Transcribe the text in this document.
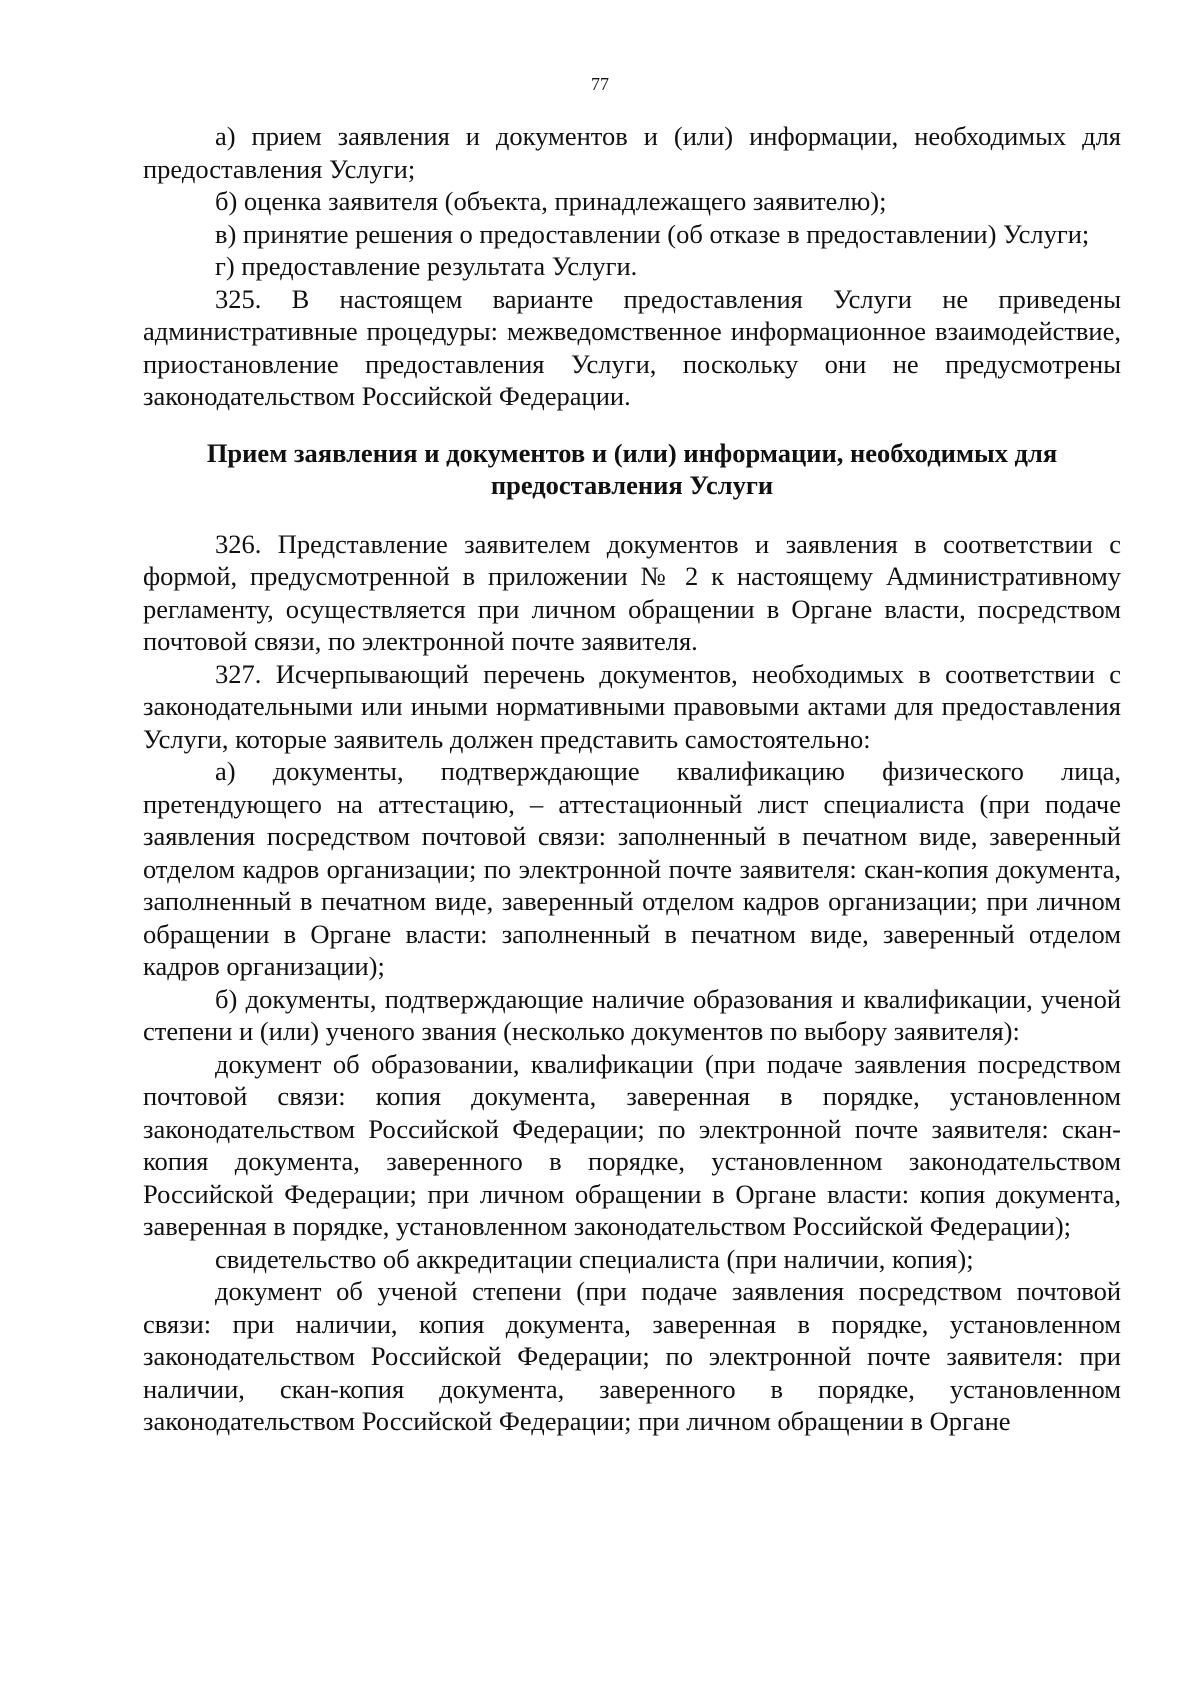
77

а) прием заявления и документов и (или) информации, необходимых для предоставления Услуги;

б) оценка заявителя (объекта, принадлежащего заявителю);

в) принятие решения о предоставлении (об отказе в предоставлении) Услуги;

г) предоставление результата Услуги.

325. В настоящем варианте предоставления Услуги не приведены административные процедуры: межведомственное информационное взаимодействие, приостановление предоставления Услуги, поскольку они не предусмотрены законодательством Российской Федерации.

Прием заявления и документов и (или) информации, необходимых для
предоставления Услуги

326. Представление заявителем документов и заявления в соответствии с формой, предусмотренной в приложении № 2 к настоящему Административному регламенту, осуществляется при личном обращении в Органе власти, посредством почтовой связи, по электронной почте заявителя.

327. Исчерпывающий перечень документов, необходимых в соответствии с законодательными или иными нормативными правовыми актами для предоставления Услуги, которые заявитель должен представить самостоятельно:

а) документы, подтверждающие квалификацию физического лица, претендующего на аттестацию, – аттестационный лист специалиста (при подаче заявления посредством почтовой связи: заполненный в печатном виде, заверенный отделом кадров организации; по электронной почте заявителя: скан-копия документа, заполненный в печатном виде, заверенный отделом кадров организации; при личном обращении в Органе власти: заполненный в печатном виде, заверенный отделом кадров организации);

б) документы, подтверждающие наличие образования и квалификации, ученой степени и (или) ученого звания (несколько документов по выбору заявителя):

документ об образовании, квалификации (при подаче заявления посредством почтовой связи: копия документа, заверенная в порядке, установленном законодательством Российской Федерации; по электронной почте заявителя: скан-копия документа, заверенного в порядке, установленном законодательством Российской Федерации; при личном обращении в Органе власти: копия документа, заверенная в порядке, установленном законодательством Российской Федерации);

свидетельство об аккредитации специалиста (при наличии, копия);

документ об ученой степени (при подаче заявления посредством почтовой связи: при наличии, копия документа, заверенная в порядке, установленном законодательством Российской Федерации; по электронной почте заявителя: при наличии, скан-копия документа, заверенного в порядке, установленном законодательством Российской Федерации; при личном обращении в Органе
